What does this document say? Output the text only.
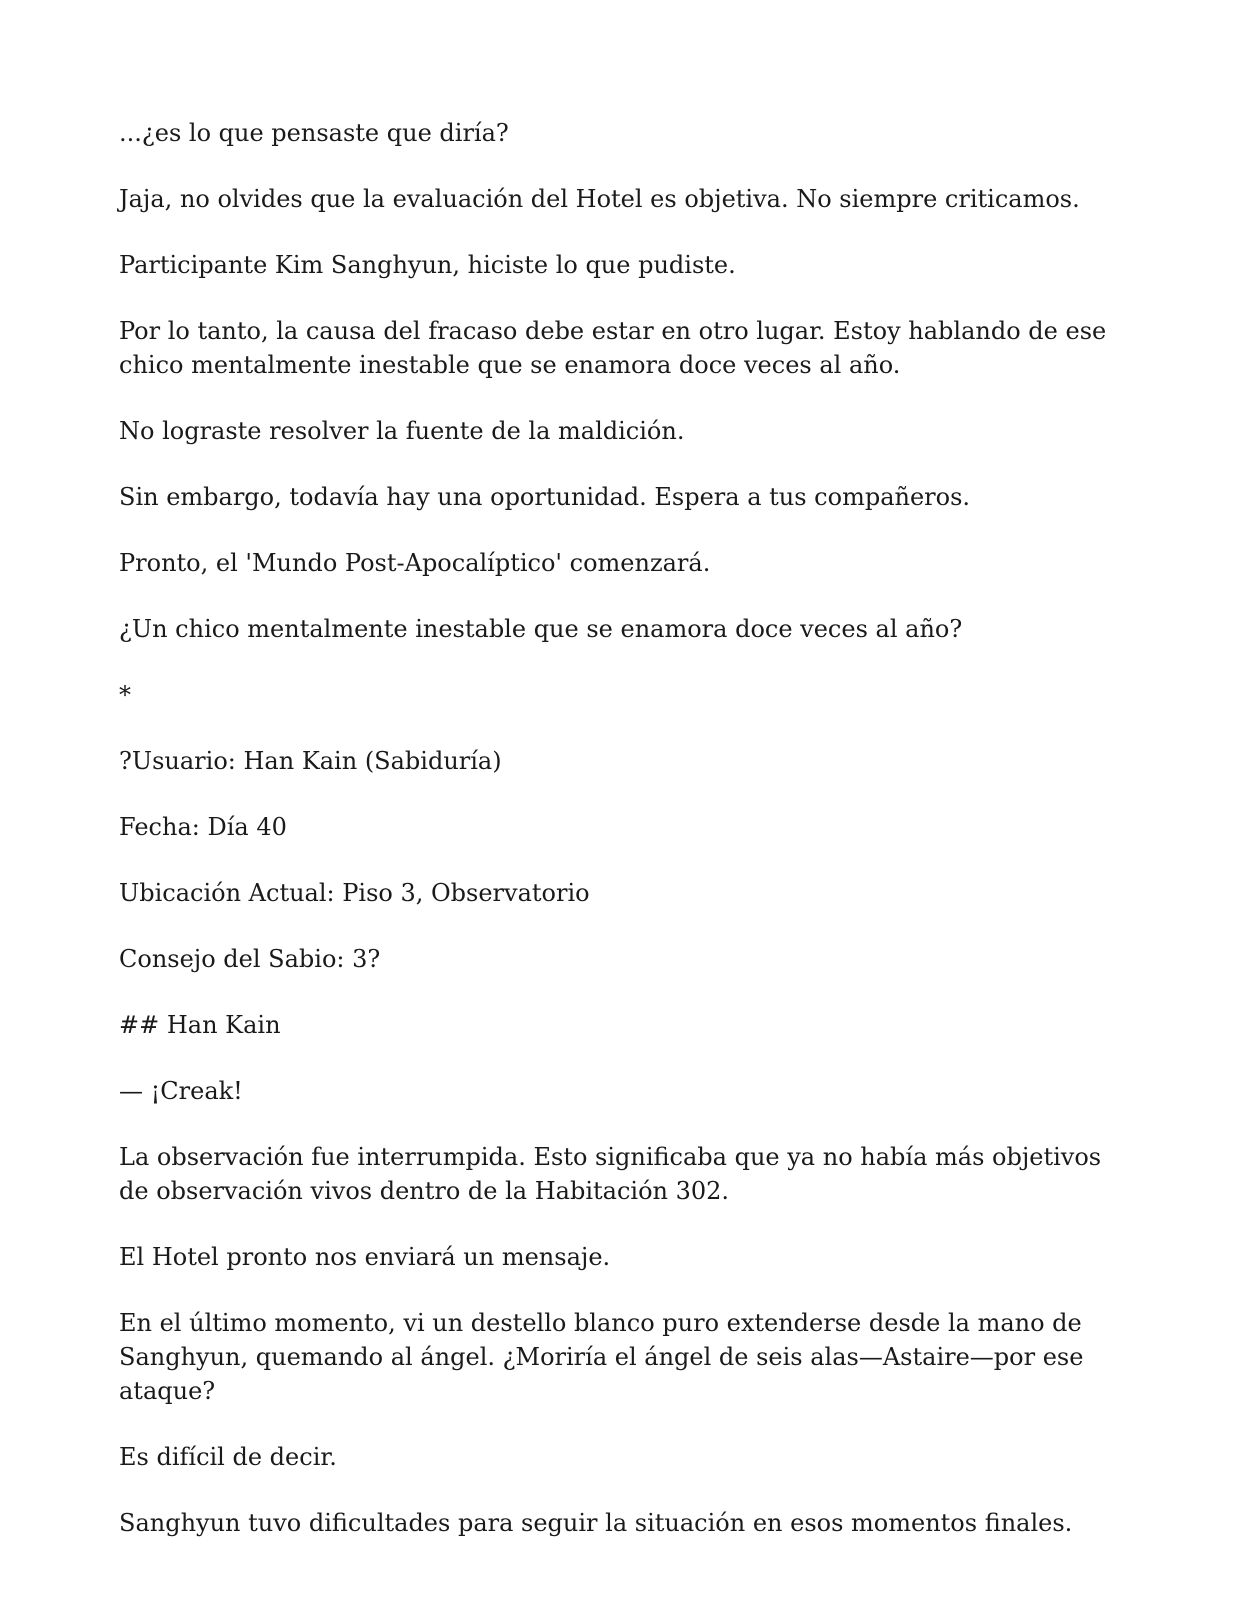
...¿es lo que pensaste que diría?

Jaja, no olvides que la evaluación del Hotel es objetiva. No siempre criticamos.

Participante Kim Sanghyun, hiciste lo que pudiste.

Por lo tanto, la causa del fracaso debe estar en otro lugar. Estoy hablando de ese chico mentalmente inestable que se enamora doce veces al año.

No lograste resolver la fuente de la maldición.

Sin embargo, todavía hay una oportunidad. Espera a tus compañeros.

Pronto, el 'Mundo Post-Apocalíptico' comenzará.

¿Un chico mentalmente inestable que se enamora doce veces al año?

*

?Usuario: Han Kain (Sabiduría)

Fecha: Día 40

Ubicación Actual: Piso 3, Observatorio

Consejo del Sabio: 3?

## Han Kain

— ¡Creak!

La observación fue interrumpida. Esto significaba que ya no había más objetivos de observación vivos dentro de la Habitación 302.

El Hotel pronto nos enviará un mensaje.

En el último momento, vi un destello blanco puro extenderse desde la mano de Sanghyun, quemando al ángel. ¿Moriría el ángel de seis alas—Astaire—por ese ataque?

Es difícil de decir.

Sanghyun tuvo dificultades para seguir la situación en esos momentos finales.
